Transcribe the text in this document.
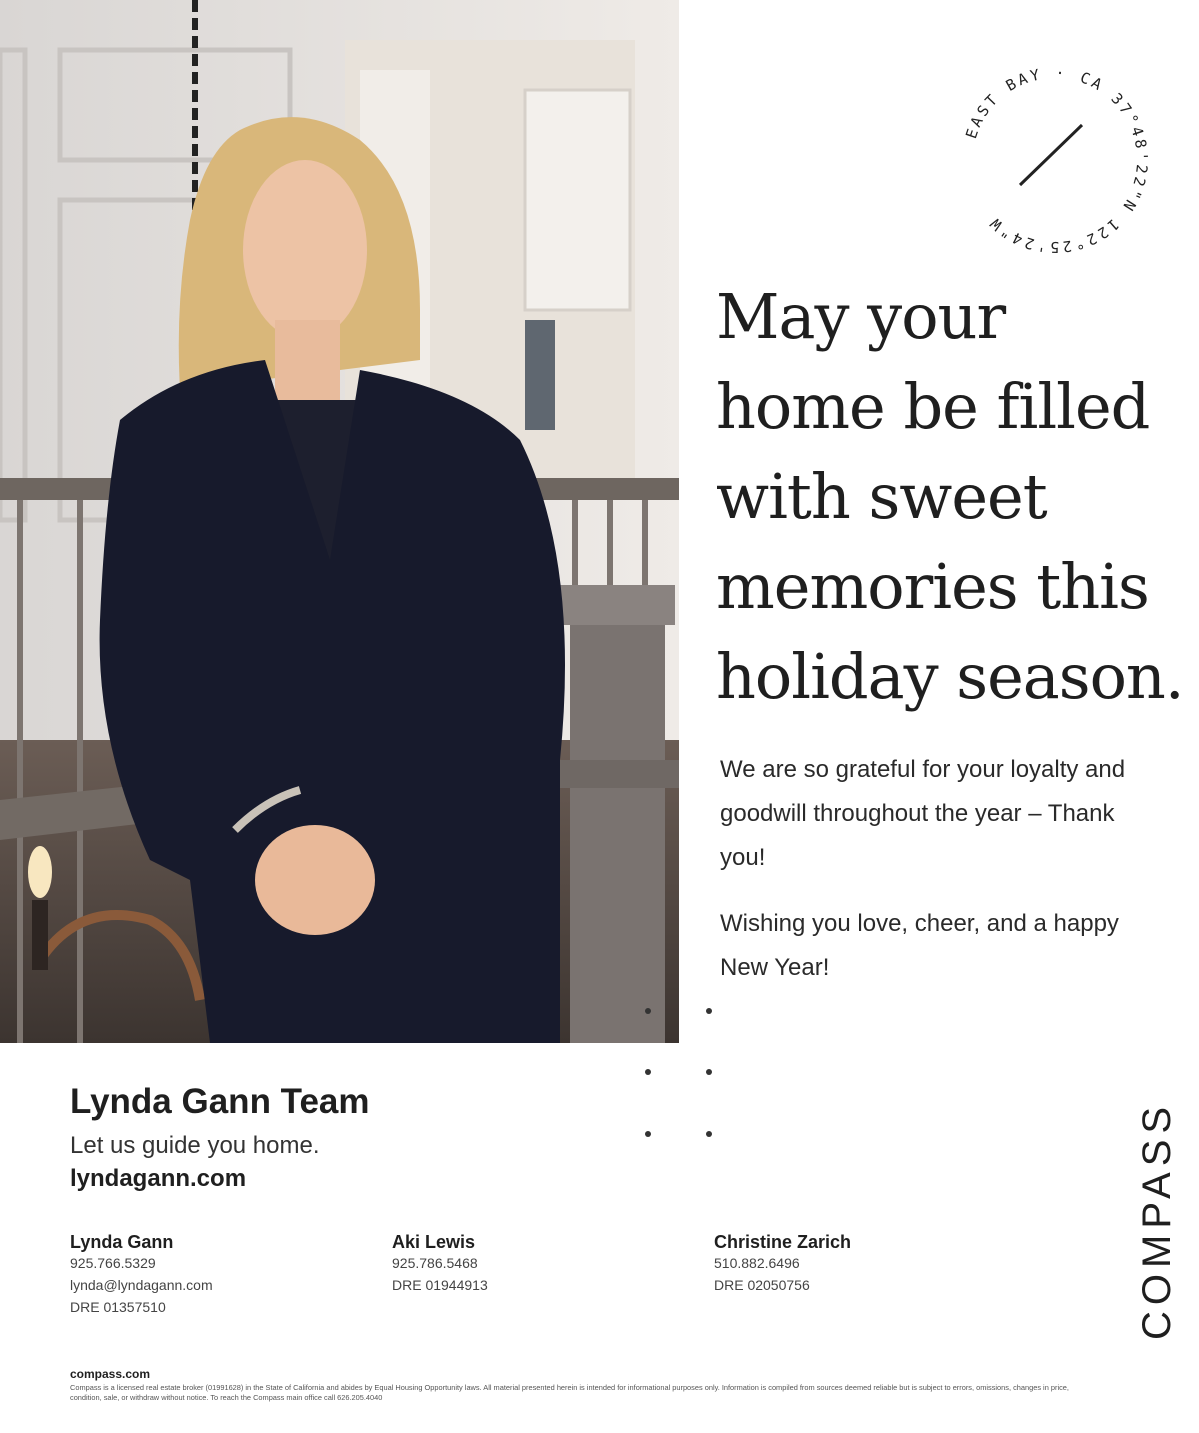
EAST BAY · CA 37°48'22"N 122°25'24"W
May your
home be filled
with sweet
memories this
holiday season.

We are so grateful for your loyalty and goodwill throughout the year – Thank you!

Wishing you love, cheer, and a happy New Year!

Lynda Gann Team
Let us guide you home.
lyndagann.com
Lynda Gann
925.766.5329
lynda@lyndagann.com
DRE 01357510
Aki Lewis
925.786.5468
DRE 01944913
Christine Zarich
510.882.6496
DRE 02050756	COMPASS
compass.com
Compass is a licensed real estate broker (01991628) in the State of California and abides by Equal Housing Opportunity laws. All material presented herein is intended for informational purposes only. Information is compiled from sources deemed reliable but is subject to errors, omissions, changes in price, condition, sale, or withdraw without notice. To reach the Compass main office call 626.205.4040
